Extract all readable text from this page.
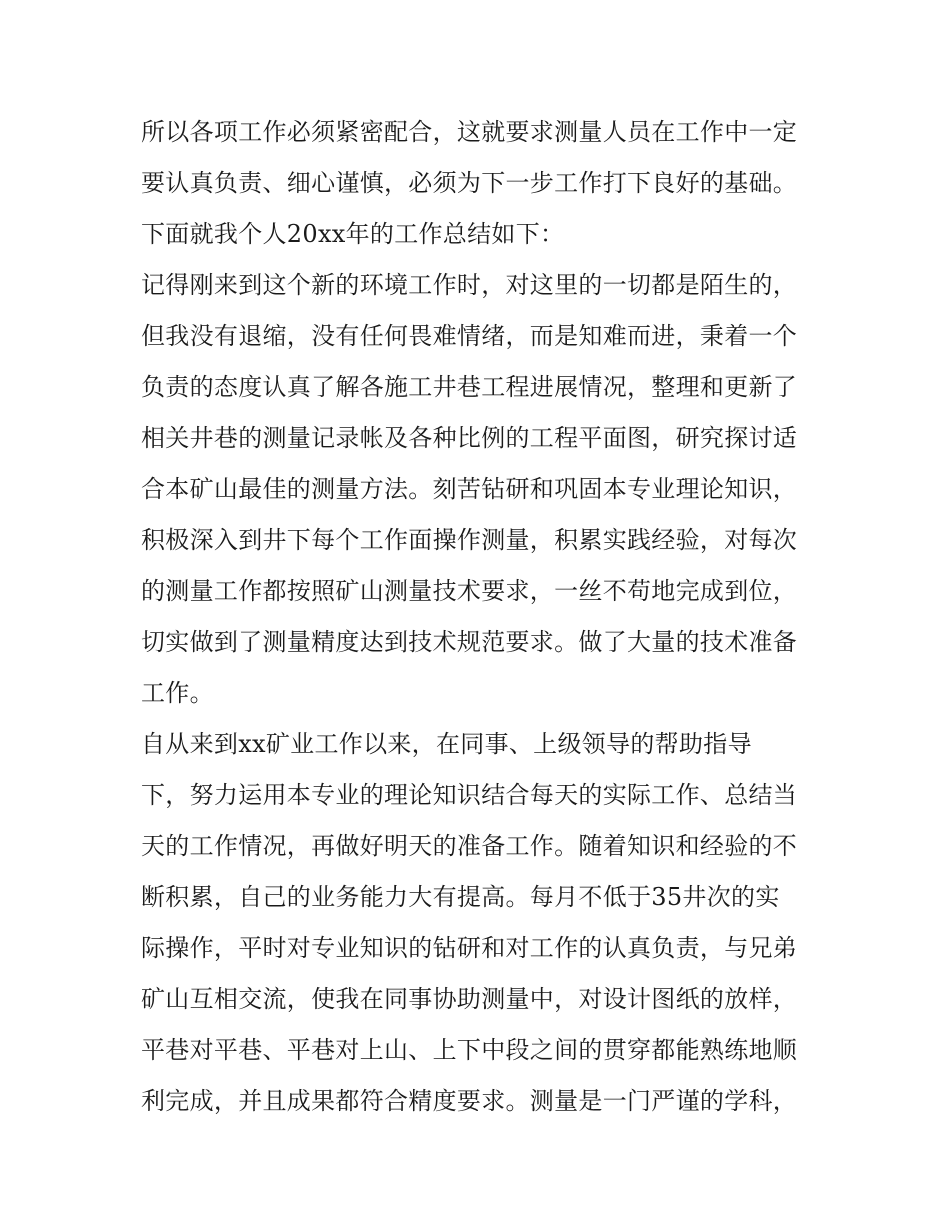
所以各项工作必须紧密配合，这就要求测量人员在工作中一定
要认真负责、细心谨慎，必须为下一步工作打下良好的基础。
下面就我个人20xx年的工作总结如下：
记得刚来到这个新的环境工作时，对这里的一切都是陌生的，
但我没有退缩，没有任何畏难情绪，而是知难而进，秉着一个
负责的态度认真了解各施工井巷工程进展情况，整理和更新了
相关井巷的测量记录帐及各种比例的工程平面图，研究探讨适
合本矿山最佳的测量方法。刻苦钻研和巩固本专业理论知识，
积极深入到井下每个工作面操作测量，积累实践经验，对每次
的测量工作都按照矿山测量技术要求，一丝不苟地完成到位，
切实做到了测量精度达到技术规范要求。做了大量的技术准备
工作。
自从来到xx矿业工作以来，在同事、上级领导的帮助指导
下，努力运用本专业的理论知识结合每天的实际工作、总结当
天的工作情况，再做好明天的准备工作。随着知识和经验的不
断积累，自己的业务能力大有提高。每月不低于35井次的实
际操作，平时对专业知识的钻研和对工作的认真负责，与兄弟
矿山互相交流，使我在同事协助测量中，对设计图纸的放样，
平巷对平巷、平巷对上山、上下中段之间的贯穿都能熟练地顺
利完成，并且成果都符合精度要求。测量是一门严谨的学科，
